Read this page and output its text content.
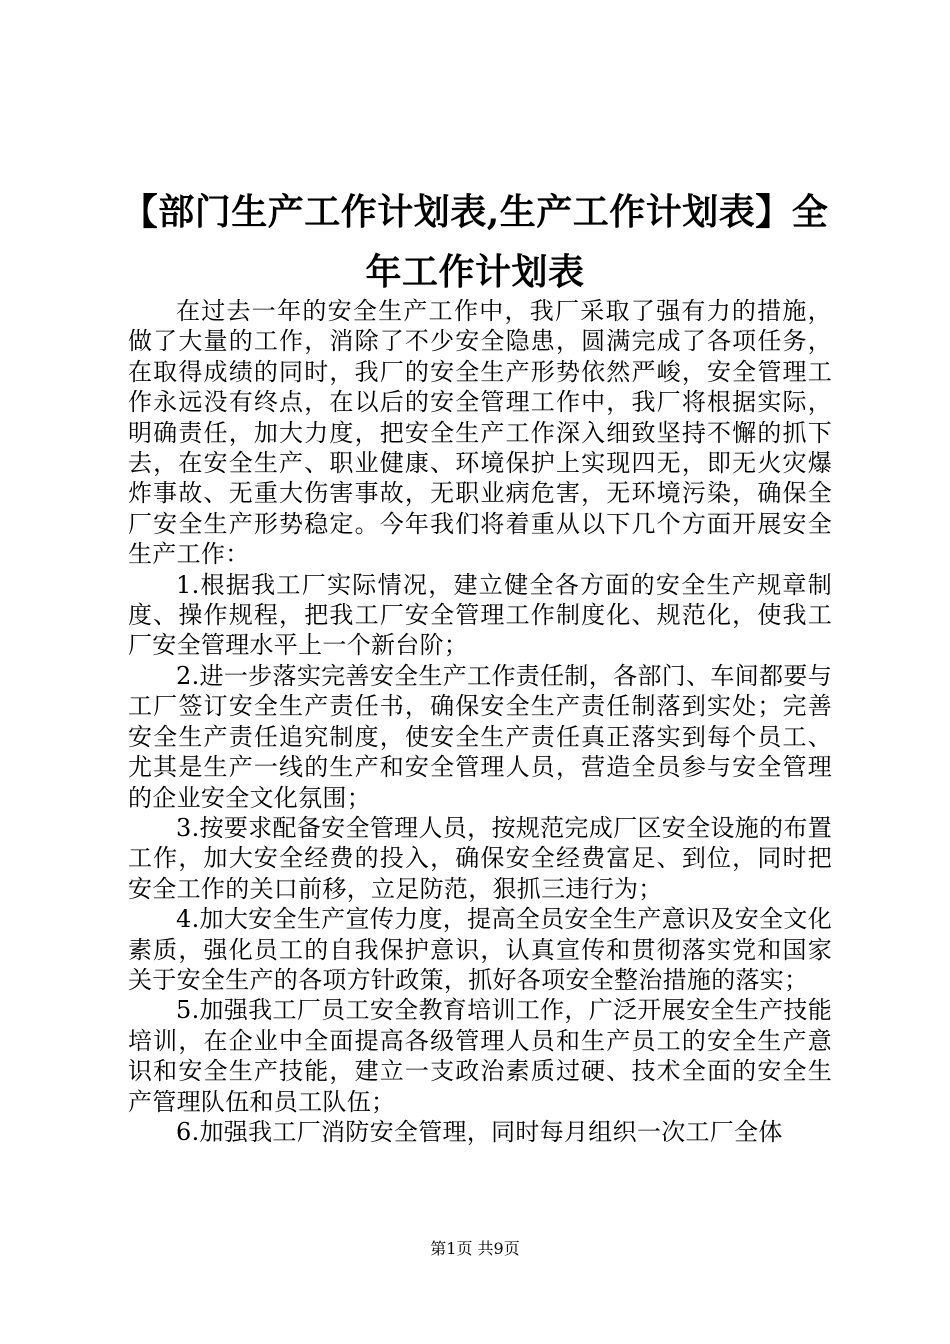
【部门生产工作计划表,生产工作计划表】全年工作计划表

在过去一年的安全生产工作中，我厂采取了强有力的措施，做了大量的工作，消除了不少安全隐患，圆满完成了各项任务，在取得成绩的同时，我厂的安全生产形势依然严峻，安全管理工作永远没有终点，在以后的安全管理工作中，我厂将根据实际，明确责任，加大力度，把安全生产工作深入细致坚持不懈的抓下去，在安全生产、职业健康、环境保护上实现四无，即无火灾爆炸事故、无重大伤害事故，无职业病危害，无环境污染，确保全厂安全生产形势稳定。今年我们将着重从以下几个方面开展安全生产工作：

1.根据我工厂实际情况，建立健全各方面的安全生产规章制度、操作规程，把我工厂安全管理工作制度化、规范化，使我工厂安全管理水平上一个新台阶；

2.进一步落实完善安全生产工作责任制，各部门、车间都要与工厂签订安全生产责任书，确保安全生产责任制落到实处；完善安全生产责任追究制度，使安全生产责任真正落实到每个员工、尤其是生产一线的生产和安全管理人员，营造全员参与安全管理的企业安全文化氛围；

3.按要求配备安全管理人员，按规范完成厂区安全设施的布置工作，加大安全经费的投入，确保安全经费富足、到位，同时把安全工作的关口前移，立足防范，狠抓三违行为；

4.加大安全生产宣传力度，提高全员安全生产意识及安全文化素质，强化员工的自我保护意识，认真宣传和贯彻落实党和国家关于安全生产的各项方针政策，抓好各项安全整治措施的落实；

5.加强我工厂员工安全教育培训工作，广泛开展安全生产技能培训，在企业中全面提高各级管理人员和生产员工的安全生产意识和安全生产技能，建立一支政治素质过硬、技术全面的安全生产管理队伍和员工队伍；

6.加强我工厂消防安全管理，同时每月组织一次工厂全体

第1页 共9页
